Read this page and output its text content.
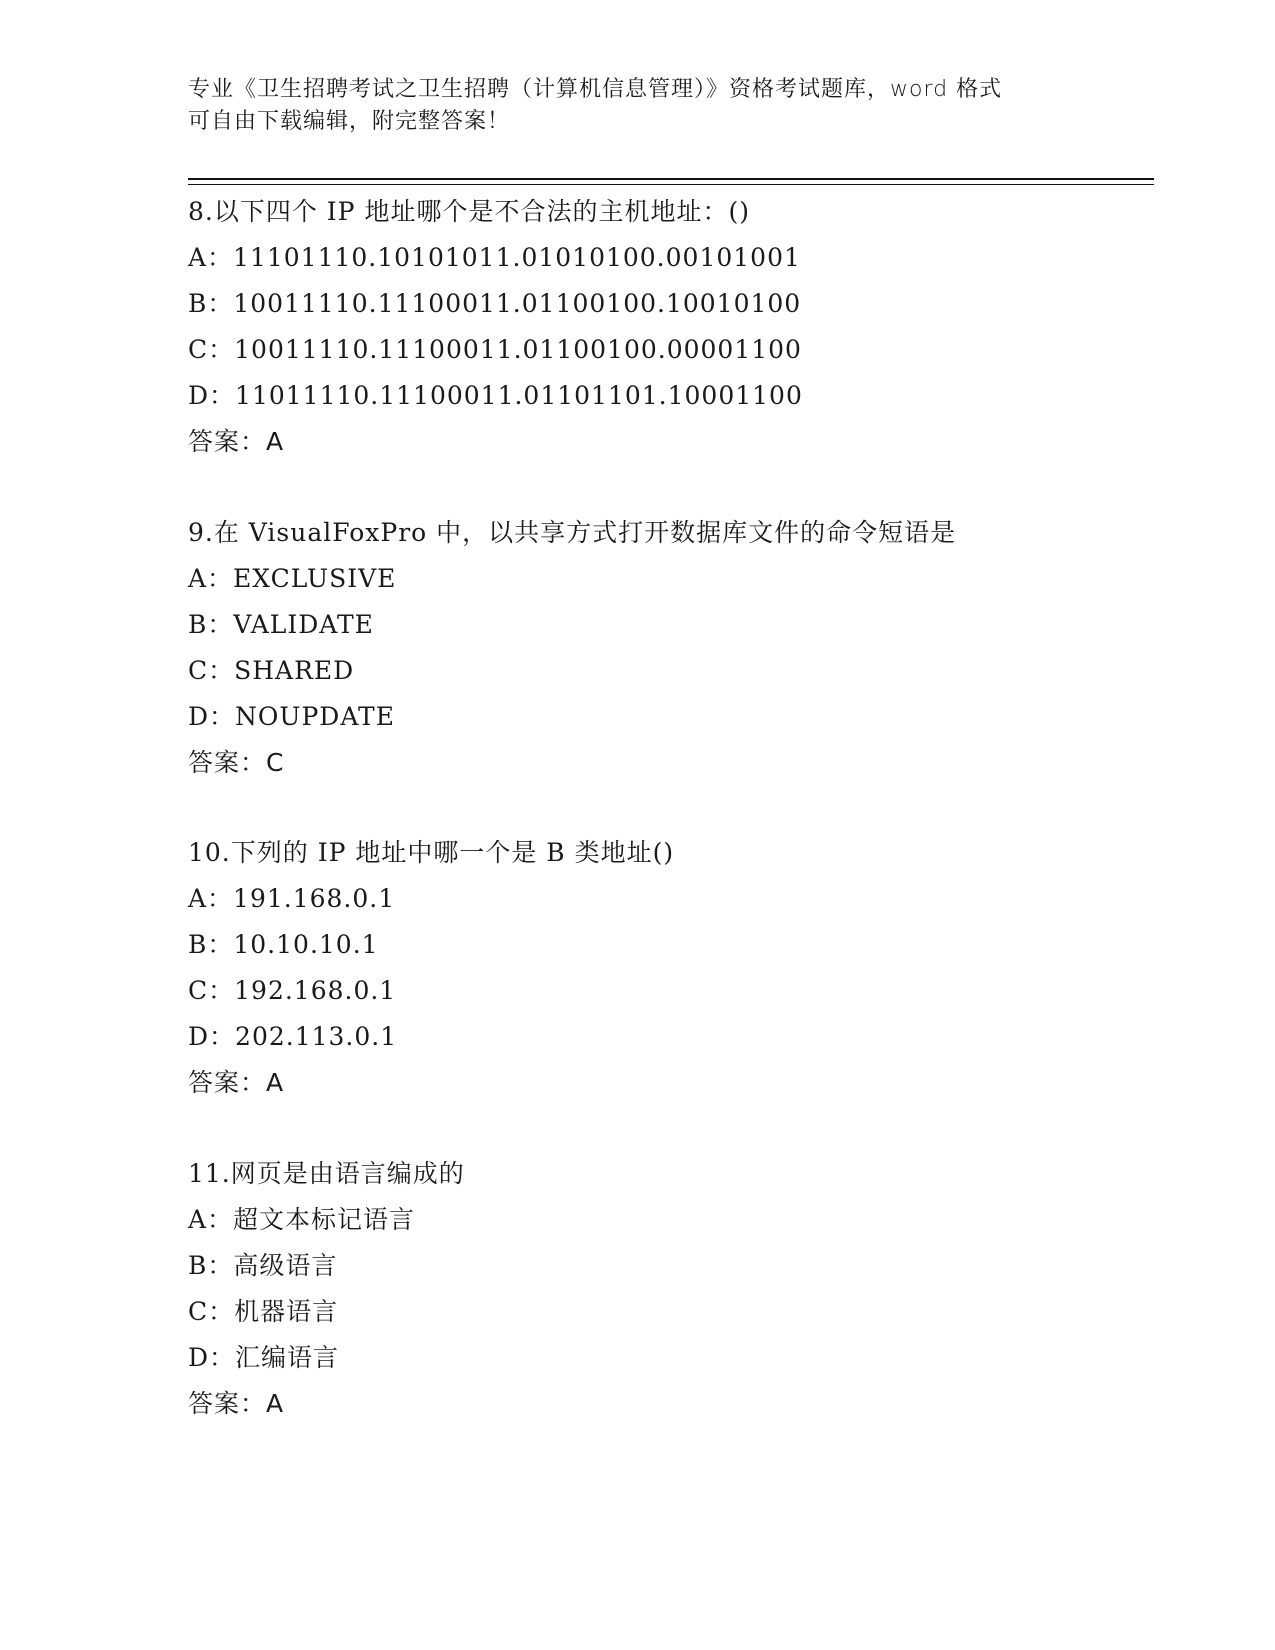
专业《卫生招聘考试之卫生招聘（计算机信息管理）》资格考试题库，word 格式
可自由下载编辑，附完整答案！
8.以下四个 IP 地址哪个是不合法的主机地址：()
A：11101110.10101011.01010100.00101001
B：10011110.11100011.01100100.10010100
C：10011110.11100011.01100100.00001100
D：11011110.11100011.01101101.10001100
答案：A
9.在 VisualFoxPro 中，以共享方式打开数据库文件的命令短语是
A：EXCLUSIVE
B：VALIDATE
C：SHARED
D：NOUPDATE
答案：C
10.下列的 IP 地址中哪一个是 B 类地址()
A：191.168.0.1
B：10.10.10.1
C：192.168.0.1
D：202.113.0.1
答案：A
11.网页是由语言编成的
A：超文本标记语言
B：高级语言
C：机器语言
D：汇编语言
答案：A
